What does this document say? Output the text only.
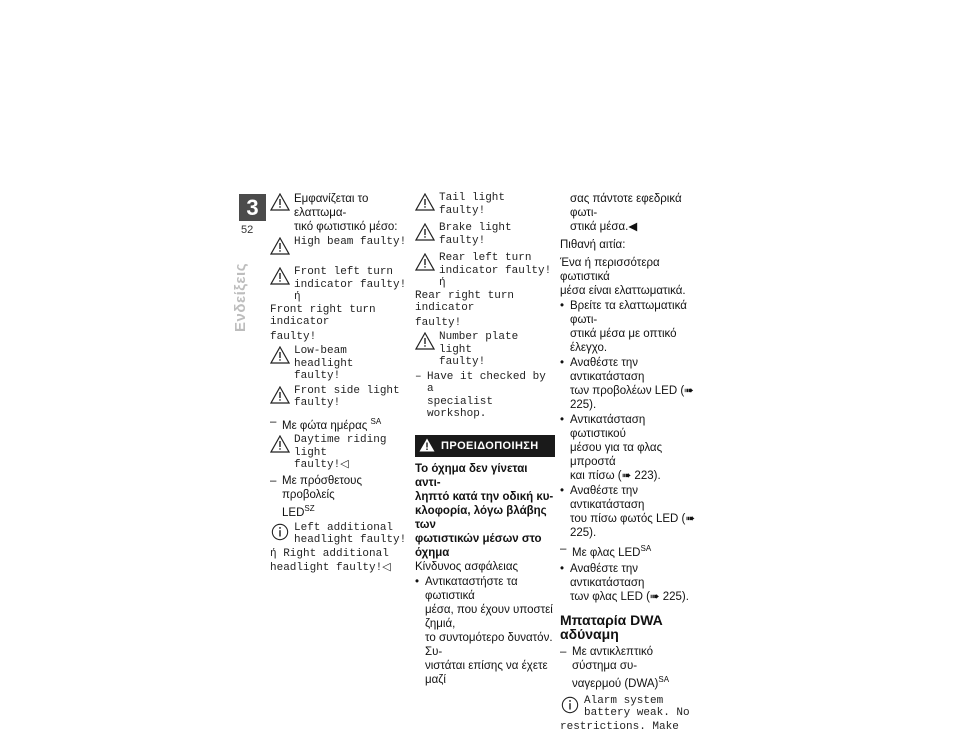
3
52
Ενδείξεις
Εμφανίζεται το ελαττωμα-
τικό φωτιστικό μέσο:
High beam faulty!
Front left turn
indicator faulty! ή
Front right turn indicator
faulty!
Low-beam headlight
faulty!
Front side light
faulty!
– Με φώτα ημέρας $^{SA}$
Daytime riding light
faulty!◁
– Με πρόσθετους προβολείς
$LED^{SZ}$
Left additional
headlight faulty!
ή Right additional
headlight faulty!◁
Tail light faulty!
Brake light faulty!
Rear left turn
indicator faulty! ή
Rear right turn indicator
faulty!
Number plate light
faulty!
– Have it checked by a
specialist workshop.
ΠΡΟΕΙΔΟΠΟΙΗΣΗ
Το όχημα δεν γίνεται αντι-
ληπτό κατά την οδική κυ-
κλοφορία, λόγω βλάβης των
φωτιστικών μέσων στο όχημα
Κίνδυνος ασφάλειας
• Αντικαταστήστε τα φωτιστικά
μέσα, που έχουν υποστεί ζημιά,
το συντομότερο δυνατόν. Συ-
νιστάται επίσης να έχετε μαζί
σας πάντοτε εφεδρικά φωτι-
στικά μέσα.◀
Πιθανή αιτία:
Ένα ή περισσότερα φωτιστικά
μέσα είναι ελαττωματικά.
• Βρείτε τα ελαττωματικά φωτι-
στικά μέσα με οπτικό έλεγχο.
• Αναθέστε την αντικατάσταση
των προβολέων LED (➠ 225).
• Αντικατάσταση φωτιστικού
μέσου για τα φλας μπροστά
και πίσω (➠ 223).
• Αναθέστε την αντικατάσταση
του πίσω φωτός LED (➠ 225).
– Με φλας $LED^{SA}$
• Αναθέστε την αντικατάσταση
των φλας LED (➠ 225).
Μπαταρία DWA αδύναμη
– Με αντικλεπτικό σύστημα συ-
ναγερμού (DWA)$^{SA}$
Alarm system
battery weak. No
restrictions. Make
